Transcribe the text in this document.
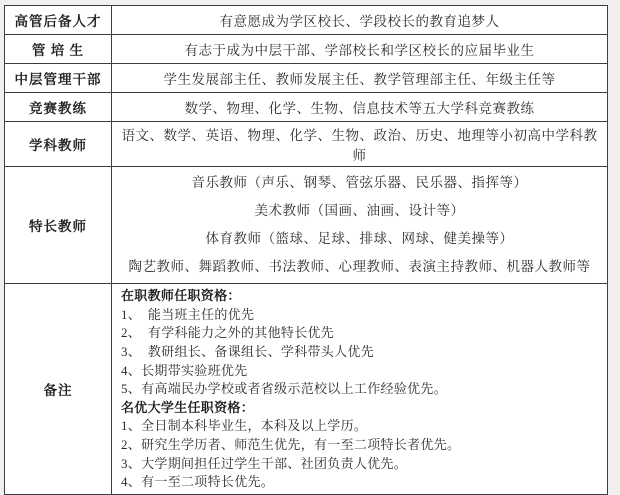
高管后备人才	有意愿成为学区校长、学段校长的教育追梦人

管 培 生	有志于成为中层干部、学部校长和学区校长的应届毕业生

中层管理干部	学生发展部主任、教师发展主任、教学管理部主任、年级主任等

竞赛教练	数学、物理、化学、生物、信息技术等五大学科竞赛教练

学科教师	语文、数学、英语、物理、化学、生物、政治、历史、地理等小初高中学科教师

特长教师	音乐教师（声乐、钢琴、管弦乐器、民乐器、指挥等）
美术教师（国画、油画、设计等）
体育教师（篮球、足球、排球、网球、健美操等）
陶艺教师、舞蹈教师、书法教师、心理教师、表演主持教师、机器人教师等

备注	
在职教师任职资格：
1、　能当班主任的优先
2、　有学科能力之外的其他特长优先
3、　教研组长、备课组长、学科带头人优先
4、长期带实验班优先
5、有高端民办学校或者省级示范校以上工作经验优先。
名优大学生任职资格：
1、全日制本科毕业生，本科及以上学历。
2、研究生学历者、师范生优先，有一至二项特长者优先。
3、大学期间担任过学生干部、社团负责人优先。
4、有一至二项特长优先。
